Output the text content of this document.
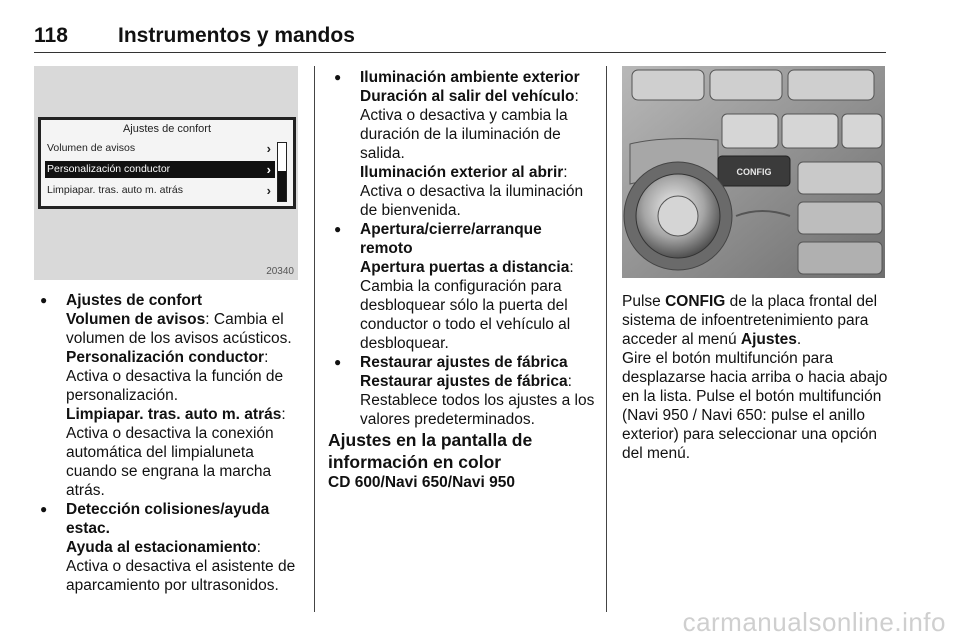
118 Instrumentos y mandos
Ajustes de confort
Volumen de avisos	›
Personalización conductor	›
Limpiapar. tras. auto m. atrás	›
20340

● Ajustes de confort

Volumen de avisos: Cambia el volumen de los avisos acústicos.

Personalización conductor: Activa o desactiva la función de personalización.

Limpiapar. tras. auto m. atrás: Activa o desactiva la conexión automática del limpialuneta cuando se engrana la marcha atrás.

● Detección colisiones/ayuda estac.

Ayuda al estacionamiento: Activa o desactiva el asistente de aparcamiento por ultrasonidos.

● Iluminación ambiente exterior

Duración al salir del vehículo: Activa o desactiva y cambia la duración de la iluminación de salida.

Iluminación exterior al abrir: Activa o desactiva la iluminación de bienvenida.

● Apertura/cierre/arranque remoto

Apertura puertas a distancia: Cambia la configuración para desbloquear sólo la puerta del conductor o todo el vehículo al desbloquear.

● Restaurar ajustes de fábrica

Restaurar ajustes de fábrica: Restablece todos los ajustes a los valores predeterminados.

Ajustes en la pantalla de información en color

CD 600/Navi 650/Navi 950

CONFIG

Pulse CONFIG de la placa frontal del sistema de infoentretenimiento para acceder al menú Ajustes.

Gire el botón multifunción para desplazarse hacia arriba o hacia abajo en la lista. Pulse el botón multifunción (Navi 950 / Navi 650: pulse el anillo exterior) para seleccionar una opción del menú.

carmanualsonline.info
